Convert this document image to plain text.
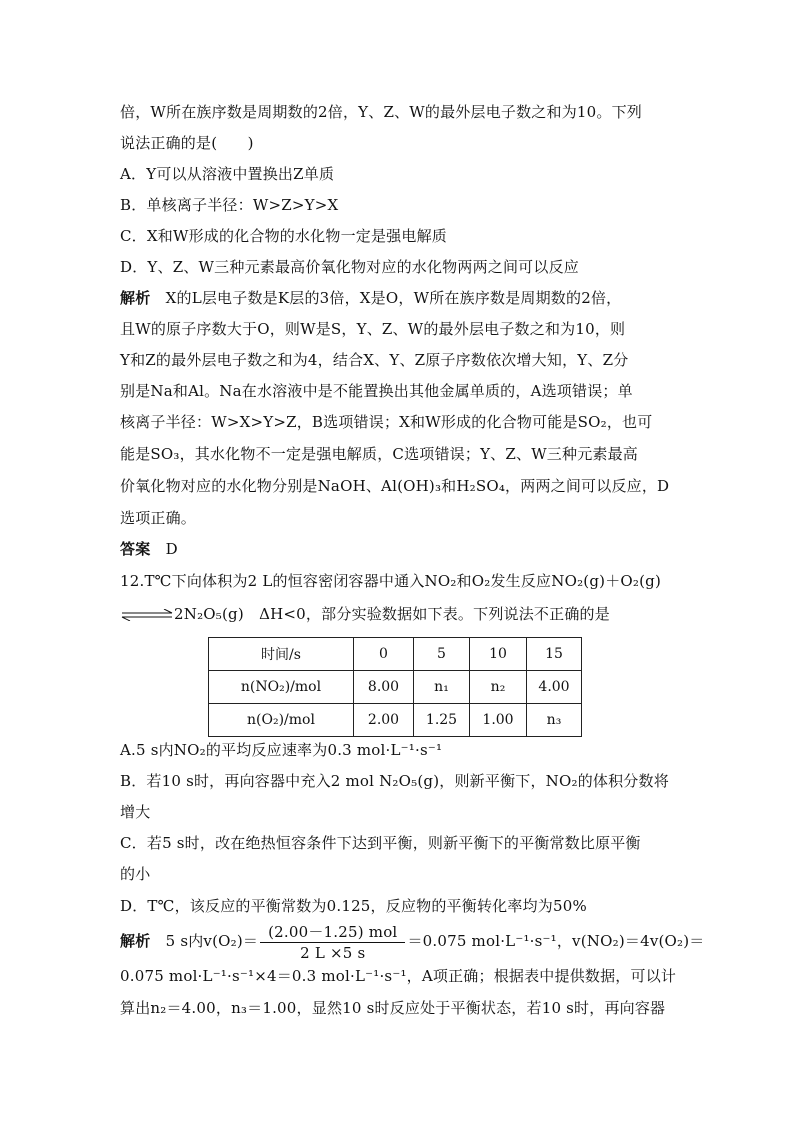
倍，W所在族序数是周期数的2倍，Y、Z、W的最外层电子数之和为10。下列
说法正确的是(　　)
A．Y可以从溶液中置换出Z单质
B．单核离子半径：W>Z>Y>X
C．X和W形成的化合物的水化物一定是强电解质
D．Y、Z、W三种元素最高价氧化物对应的水化物两两之间可以反应
解析　 X的L层电子数是K层的3倍，X是O，W所在族序数是周期数的2倍，
且W的原子序数大于O，则W是S，Y、Z、W的最外层电子数之和为10，则
Y和Z的最外层电子数之和为4，结合X、Y、Z原子序数依次增大知，Y、Z分
别是Na和Al。Na在水溶液中是不能置换出其他金属单质的，A选项错误；单
核离子半径：W>X>Y>Z，B选项错误；X和W形成的化合物可能是SO₂，也可
能是SO₃，其水化物不一定是强电解质，C选项错误；Y、Z、W三种元素最高
价氧化物对应的水化物分别是NaOH、Al(OH)₃和H₂SO₄，两两之间可以反应，D
选项正确。
答案　 D
12.T℃下向体积为2 L的恒容密闭容器中通入NO₂和O₂发生反应NO₂(g)＋O₂(g)
⇌2N₂O₅(g)　ΔH<0，部分实验数据如下表。下列说法不正确的是
时间/s	0	5	10	15
n(NO₂)/mol	8.00	n₁	n₂	4.00
n(O₂)/mol	2.00	1.25	1.00	n₃
A.5 s内NO₂的平均反应速率为0.3 mol·L⁻¹·s⁻¹
B．若10 s时，再向容器中充入2 mol N₂O₅(g)，则新平衡下，NO₂的体积分数将
增大
C．若5 s时，改在绝热恒容条件下达到平衡，则新平衡下的平衡常数比原平衡
的小
D．T℃，该反应的平衡常数为0.125，反应物的平衡转化率均为50%
解析　 5 s内$v(O_2)= \frac{\text{(2.00－1.25) mol}}{2 L \times 5 s} =0.075$ mol·L⁻¹·s⁻¹，v(NO₂)＝4v(O₂)＝
0.075 mol·L⁻¹·s⁻¹×4＝0.3 mol·L⁻¹·s⁻¹，A项正确；根据表中提供数据，可以计
算出n₂＝4.00，n₃＝1.00，显然10 s时反应处于平衡状态，若10 s时，再向容器
